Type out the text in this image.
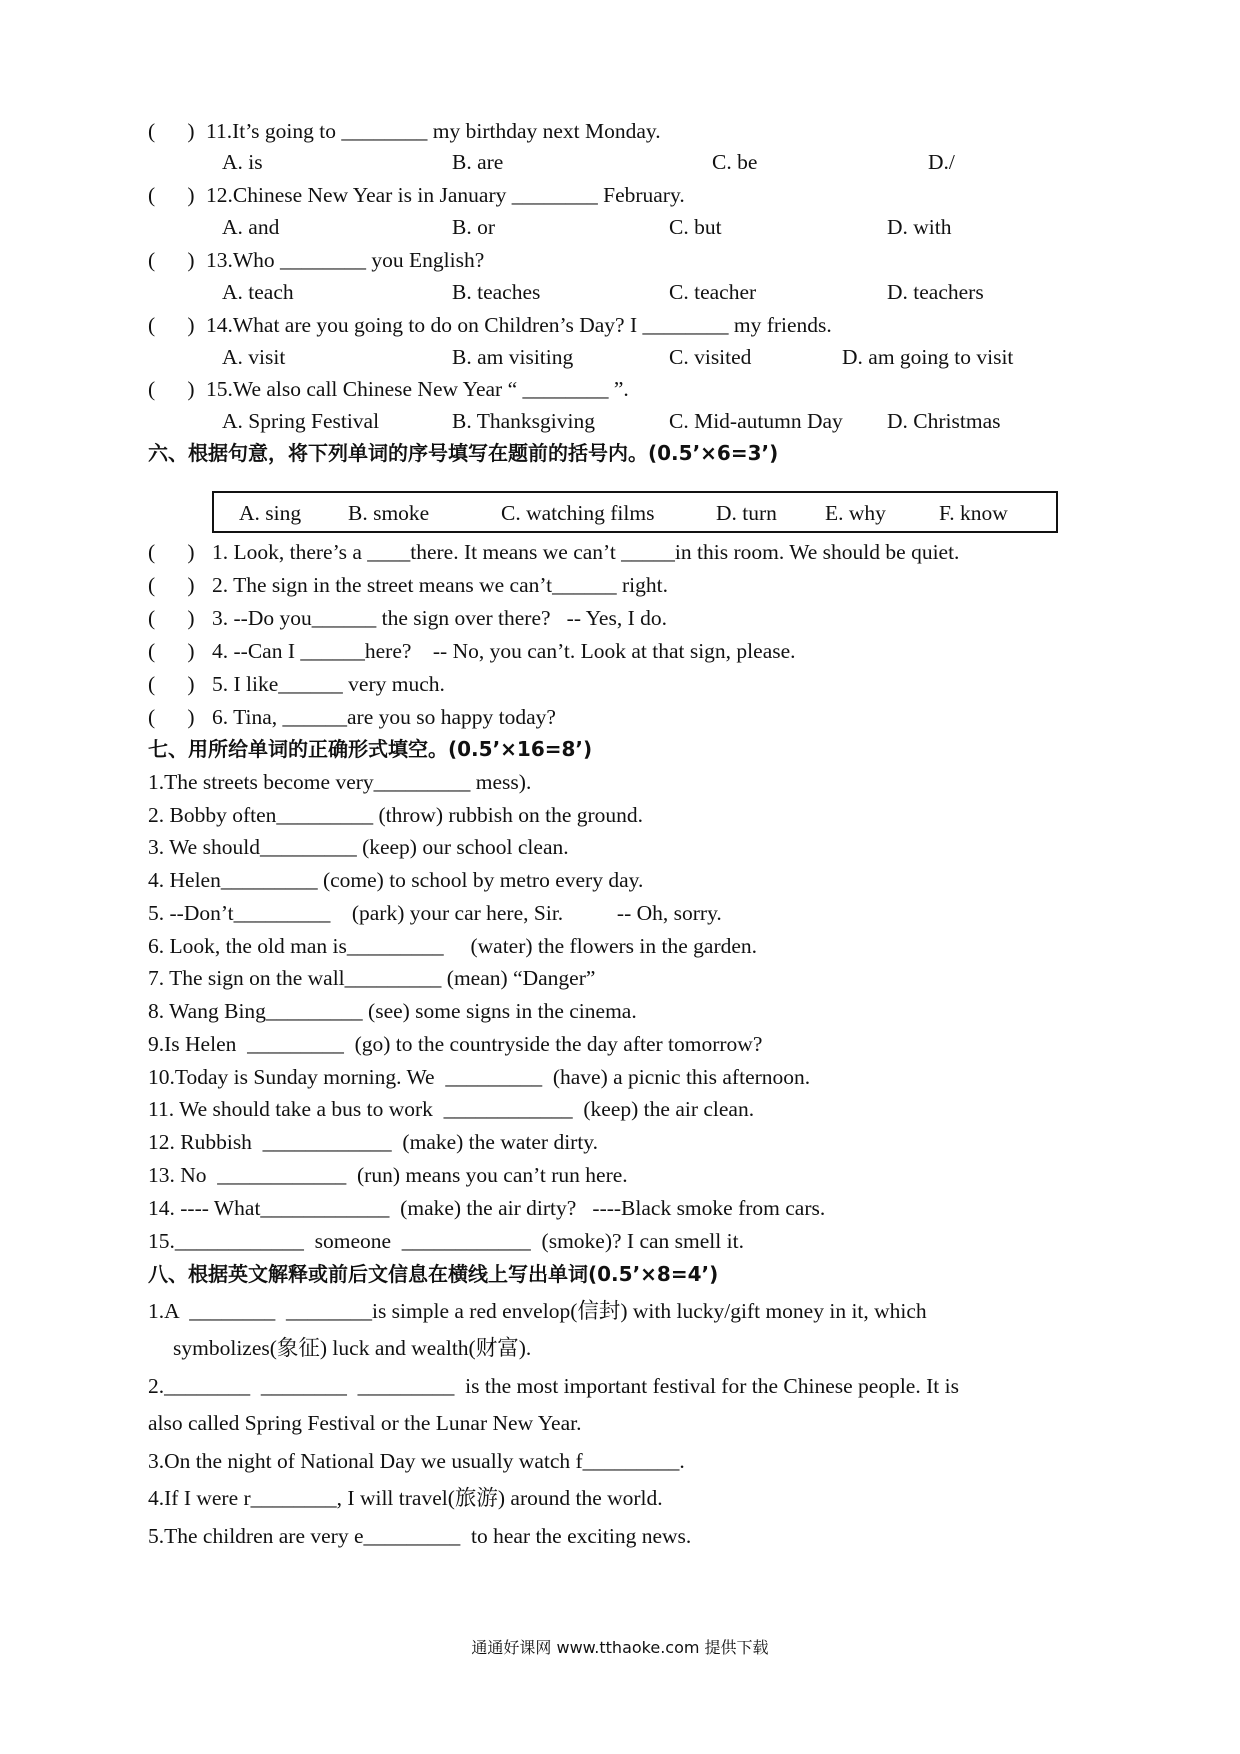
(      ) 11.It’s going to ________ my birthday next Monday.
A. is	B. are	C. be	D./
(      ) 12.Chinese New Year is in January ________ February.
A. and	B. or	C. but	D. with
(      ) 13.Who ________ you English?
A. teach	B. teaches	C. teacher	D. teachers
(      ) 14.What are you going to do on Children’s Day? I ________ my friends.
A. visit	B. am visiting	C. visited	D. am going to visit
(      ) 15.We also call Chinese New Year “ ________ ”.
A. Spring Festival	B. Thanksgiving	C. Mid-autumn Day D. Christmas
六、根据句意，将下列单词的序号填写在题前的括号内。(0.5’×6=3’)
A. sing B. smoke	C. watching films	D. turn E. why F. know
(      ) 1. Look, there’s a ____there. It means we can’t _____in this room. We should be quiet.
(      ) 2. The sign in the street means we can’t______ right.
(      ) 3. --Do you______ the sign over there?   -- Yes, I do.
(      ) 4. --Can I ______here?    -- No, you can’t. Look at that sign, please.
(      ) 5. I like______ very much.
(      ) 6. Tina, ______are you so happy today?
七、用所给单词的正确形式填空。(0.5’×16=8’)
1.The streets become very_________ mess).
2. Bobby often_________ (throw) rubbish on the ground.
3. We should_________ (keep) our school clean.
4. Helen_________ (come) to school by metro every day.
5. --Don’t_________    (park) your car here, Sir.          -- Oh, sorry.
6. Look, the old man is_________     (water) the flowers in the garden.
7. The sign on the wall_________ (mean) “Danger”
8. Wang Bing_________ (see) some signs in the cinema.
9.Is Helen  _________  (go) to the countryside the day after tomorrow?
10.Today is Sunday morning. We  _________  (have) a picnic this afternoon.
11. We should take a bus to work  ____________  (keep) the air clean.
12. Rubbish  ____________  (make) the water dirty.
13. No  ____________  (run) means you can’t run here.
14. ---- What____________  (make) the air dirty?   ----Black smoke from cars.
15.____________  someone  ____________  (smoke)? I can smell it.
八、根据英文解释或前后文信息在横线上写出单词(0.5’×8=4’)
1.A  ________  ________is simple a red envelop(信封) with lucky/gift money in it, which
symbolizes(象征) luck and wealth(财富).
2.________  ________  _________  is the most important festival for the Chinese people. It is
also called Spring Festival or the Lunar New Year.
3.On the night of National Day we usually watch f_________.
4.If I were r________, I will travel(旅游) around the world.
5.The children are very e_________  to hear the exciting news.
通通好课网 www.tthaoke.com 提供下载
